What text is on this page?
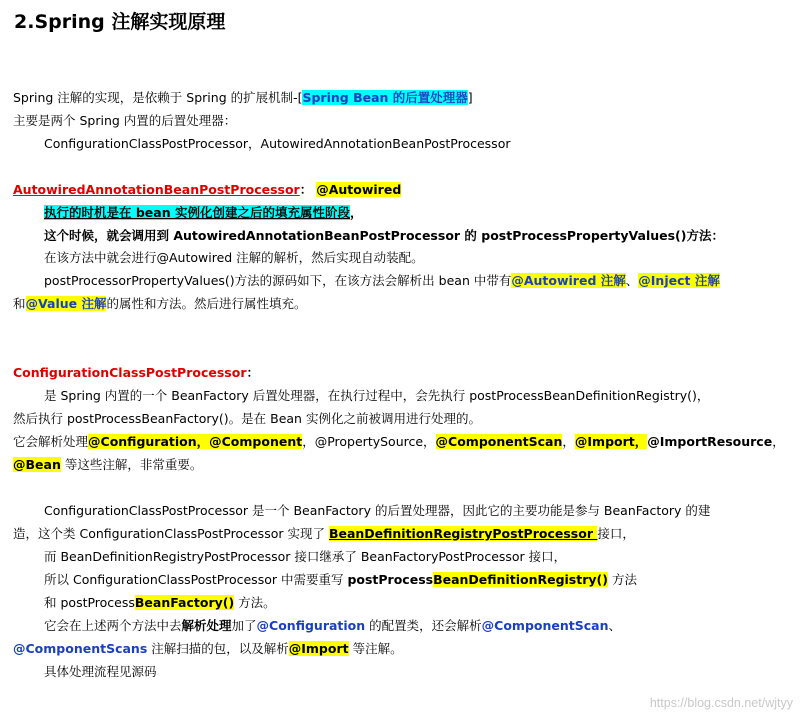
2.Spring 注解实现原理
Spring 注解的实现，是依赖于 Spring 的扩展机制-[Spring Bean 的后置处理器]
主要是两个 Spring 内置的后置处理器：
ConfigurationClassPostProcessor，AutowiredAnnotationBeanPostProcessor
AutowiredAnnotationBeanPostProcessor： @Autowired
执行的时机是在 bean 实例化创建之后的填充属性阶段，
这个时候，就会调用到 AutowiredAnnotationBeanPostProcessor 的 postProcessPropertyValues()方法：
在该方法中就会进行@Autowired 注解的解析，然后实现自动装配。
postProcessorPropertyValues()方法的源码如下，在该方法会解析出 bean 中带有@Autowired 注解、@Inject 注解
和@Value 注解的属性和方法。然后进行属性填充。
ConfigurationClassPostProcessor：
是 Spring 内置的一个 BeanFactory 后置处理器，在执行过程中，会先执行 postProcessBeanDefinitionRegistry()，
然后执行 postProcessBeanFactory()。是在 Bean 实例化之前被调用进行处理的。
它会解析处理@Configuration，@Component，@PropertySource，@ComponentScan，@Import，@ImportResource，
@Bean 等这些注解，非常重要。
ConfigurationClassPostProcessor 是一个 BeanFactory 的后置处理器，因此它的主要功能是参与 BeanFactory 的建
造，这个类 ConfigurationClassPostProcessor 实现了 BeanDefinitionRegistryPostProcessor 接口，
而 BeanDefinitionRegistryPostProcessor 接口继承了 BeanFactoryPostProcessor 接口，
所以 ConfigurationClassPostProcessor 中需要重写 postProcessBeanDefinitionRegistry() 方法
和 postProcessBeanFactory() 方法。
它会在上述两个方法中去解析处理加了@Configuration 的配置类，还会解析@ComponentScan、
@ComponentScans 注解扫描的包，以及解析@Import 等注解。
具体处理流程见源码
https://blog.csdn.net/wjtyy
